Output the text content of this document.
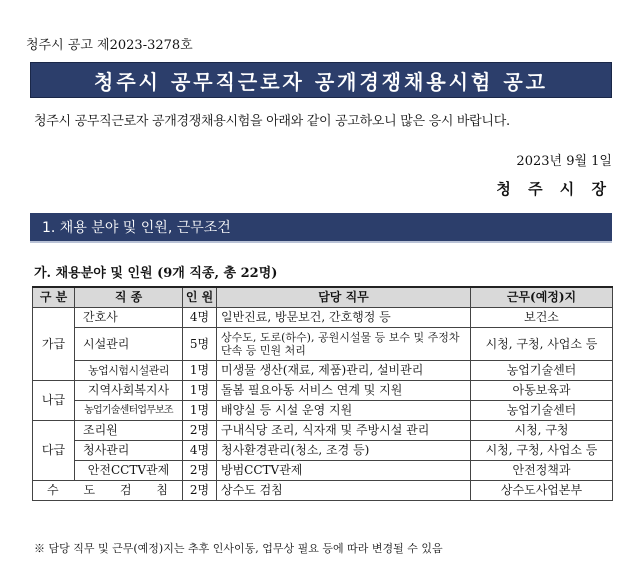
청주시 공고 제2023-3278호
청주시 공무직근로자 공개경쟁채용시험 공고
청주시 공무직근로자 공개경쟁채용시험을 아래와 같이 공고하오니 많은 응시 바랍니다.
2023년 9월 1일
청 주 시 장
1. 채용 분야 및 인원, 근무조건
가. 채용분야 및 인원 (9개 직종, 총 22명)
구 분	직 종	인 원	담당 직무	근무(예정)지
가급	간호사	4명	일반진료, 방문보건, 간호행정 등	보건소
	시설관리	5명	상수도, 도로(하수), 공원시설물 등 보수 및 주정차단속 등 민원 처리	시청, 구청, 사업소 등
	농업시험시설관리	1명	미생물 생산(재료, 제품)관리, 설비관리	농업기술센터
나급	지역사회복지사	1명	돌봄 필요아동 서비스 연계 및 지원	아동보육과
	농업기술센터업무보조	1명	배양실 등 시설 운영 지원	농업기술센터
다급	조리원	2명	구내식당 조리, 식자재 및 주방시설 관리	시청, 구청
	청사관리	4명	청사환경관리(청소, 조경 등)	시청, 구청, 사업소 등
	안전CCTV관제	2명	방범CCTV관제	안전정책과
수 도 검 침		2명	상수도 검침	상수도사업본부
※ 담당 직무 및 근무(예정)지는 추후 인사이동, 업무상 필요 등에 따라 변경될 수 있음
